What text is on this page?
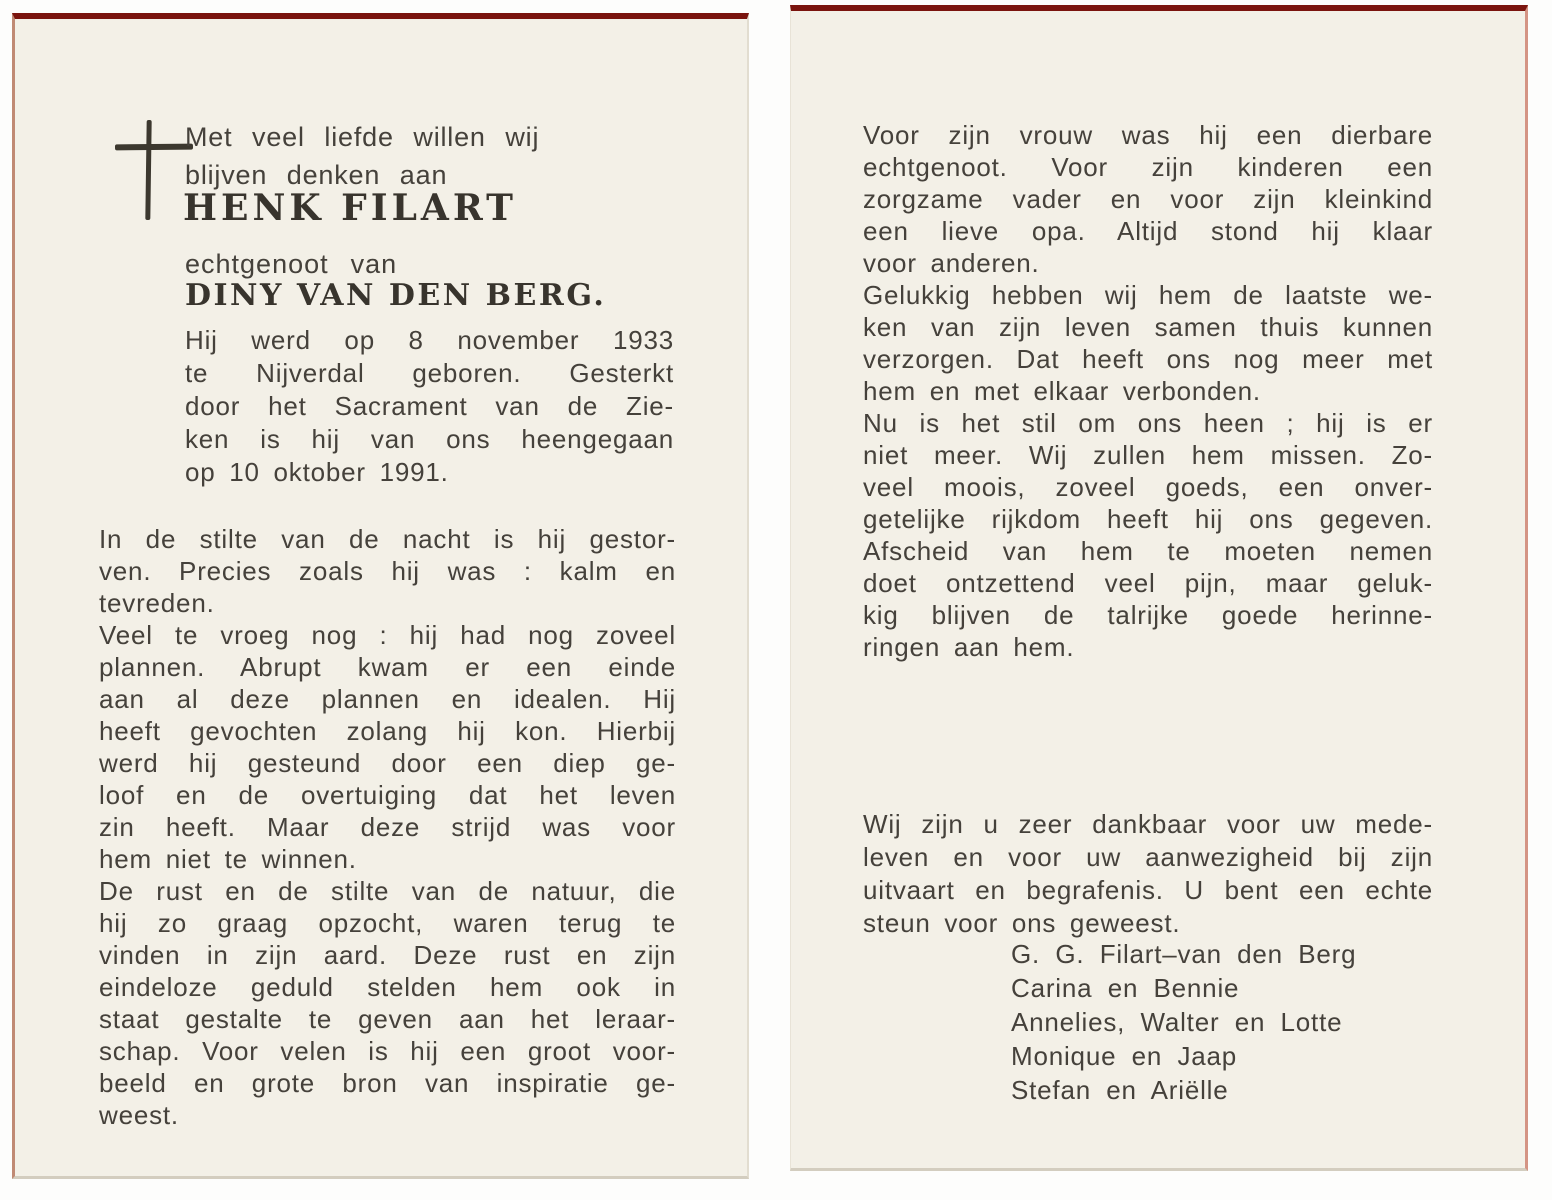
Met veel liefde willen wij
blijven denken aan
HENK FILART
echtgenoot van
DINY VAN DEN BERG.
Hij werd op 8 november 1933
te Nijverdal geboren. Gesterkt
door het Sacrament van de Zie-
ken is hij van ons heengegaan
op 10 oktober 1991.
In de stilte van de nacht is hij gestor-
ven. Precies zoals hij was : kalm en
tevreden.
Veel te vroeg nog : hij had nog zoveel
plannen. Abrupt kwam er een einde
aan al deze plannen en idealen. Hij
heeft gevochten zolang hij kon. Hierbij
werd hij gesteund door een diep ge-
loof en de overtuiging dat het leven
zin heeft. Maar deze strijd was voor
hem niet te winnen.
De rust en de stilte van de natuur, die
hij zo graag opzocht, waren terug te
vinden in zijn aard. Deze rust en zijn
eindeloze geduld stelden hem ook in
staat gestalte te geven aan het leraar-
schap. Voor velen is hij een groot voor-
beeld en grote bron van inspiratie ge-
weest.
Voor zijn vrouw was hij een dierbare
echtgenoot. Voor zijn kinderen een
zorgzame vader en voor zijn kleinkind
een lieve opa. Altijd stond hij klaar
voor anderen.
Gelukkig hebben wij hem de laatste we-
ken van zijn leven samen thuis kunnen
verzorgen. Dat heeft ons nog meer met
hem en met elkaar verbonden.
Nu is het stil om ons heen ; hij is er
niet meer. Wij zullen hem missen. Zo-
veel moois, zoveel goeds, een onver-
getelijke rijkdom heeft hij ons gegeven.
Afscheid van hem te moeten nemen
doet ontzettend veel pijn, maar geluk-
kig blijven de talrijke goede herinne-
ringen aan hem.
Wij zijn u zeer dankbaar voor uw mede-
leven en voor uw aanwezigheid bij zijn
uitvaart en begrafenis. U bent een echte
steun voor ons geweest.
G. G. Filart–van den Berg
Carina en Bennie
Annelies, Walter en Lotte
Monique en Jaap
Stefan en Ariëlle
